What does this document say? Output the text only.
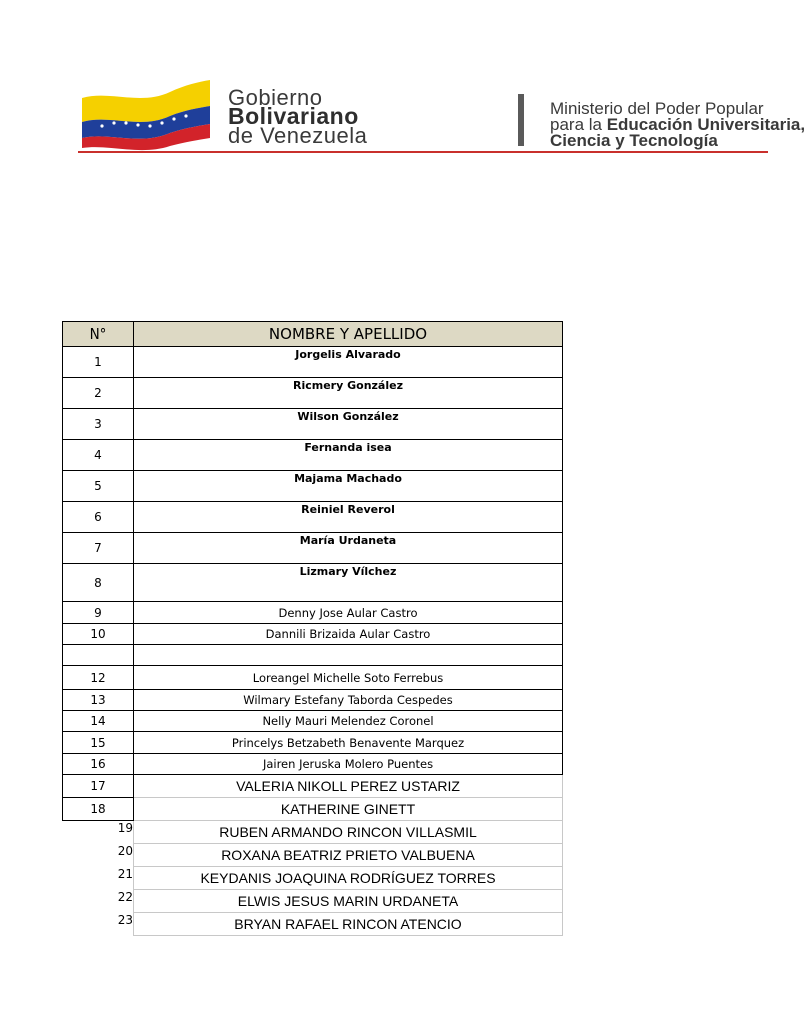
Gobierno
Bolivariano
de Venezuela
Ministerio del Poder Popular
para la Educación Universitaria,
Ciencia y Tecnología
N°	NOMBRE Y APELLIDO
1	Jorgelis Alvarado
2	Ricmery González
3	Wilson González
4	Fernanda isea
5	Majama Machado
6	Reiniel Reverol
7	María Urdaneta
8	Lizmary Vílchez
9	Denny Jose Aular Castro
10	Dannili Brizaida Aular Castro

12	Loreangel Michelle Soto Ferrebus
13	Wilmary Estefany Taborda Cespedes
14	Nelly Mauri Melendez Coronel
15	Princelys Betzabeth Benavente Marquez
16	Jairen Jeruska Molero Puentes
17	VALERIA NIKOLL PEREZ USTARIZ
18	KATHERINE GINETT
19	RUBEN ARMANDO RINCON VILLASMIL
20	ROXANA BEATRIZ PRIETO VALBUENA
21	KEYDANIS JOAQUINA RODRÍGUEZ TORRES
22	ELWIS JESUS MARIN URDANETA
23	BRYAN RAFAEL RINCON ATENCIO
